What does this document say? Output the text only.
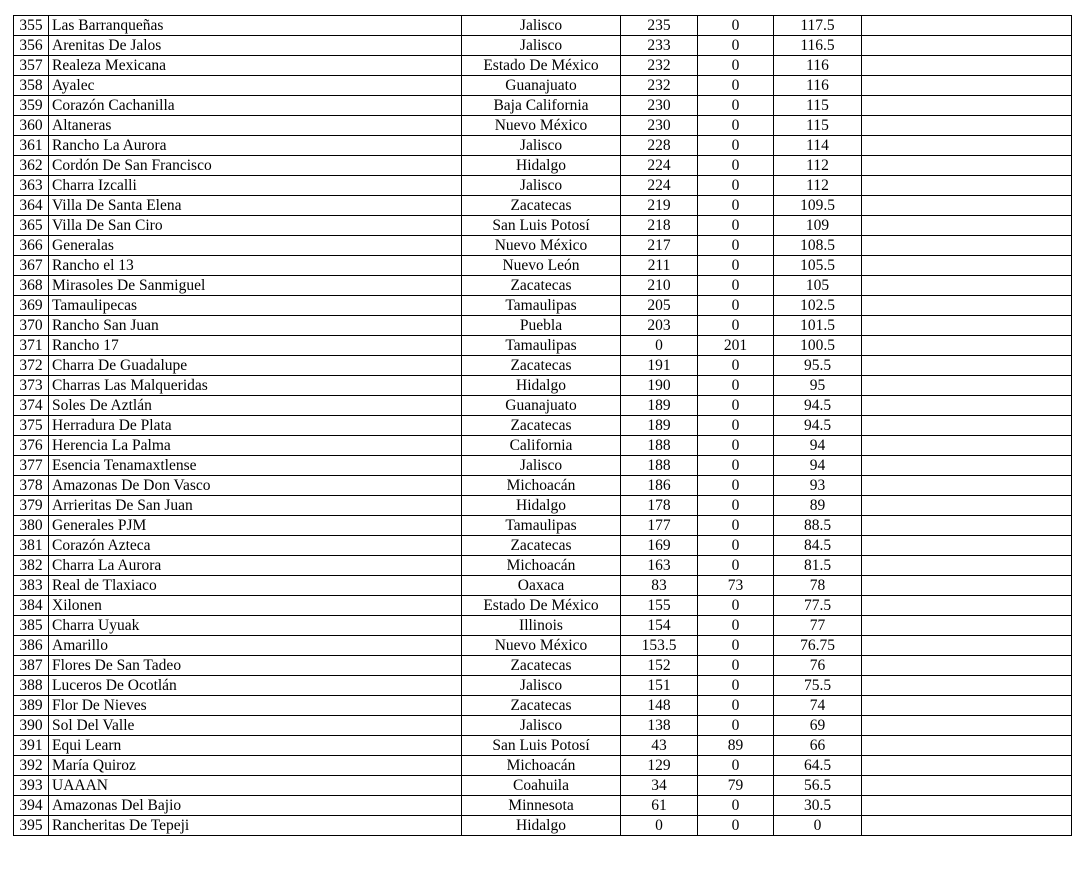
355	Las Barranqueñas	Jalisco	235	0	117.5	
356	Arenitas De Jalos	Jalisco	233	0	116.5	
357	Realeza Mexicana	Estado De México	232	0	116	
358	Ayalec	Guanajuato	232	0	116	
359	Corazón Cachanilla	Baja California	230	0	115	
360	Altaneras	Nuevo México	230	0	115	
361	Rancho La Aurora	Jalisco	228	0	114	
362	Cordón De San Francisco	Hidalgo	224	0	112	
363	Charra Izcalli	Jalisco	224	0	112	
364	Villa De Santa Elena	Zacatecas	219	0	109.5	
365	Villa De San Ciro	San Luis Potosí	218	0	109	
366	Generalas	Nuevo México	217	0	108.5	
367	Rancho el 13	Nuevo León	211	0	105.5	
368	Mirasoles De Sanmiguel	Zacatecas	210	0	105	
369	Tamaulipecas	Tamaulipas	205	0	102.5	
370	Rancho San Juan	Puebla	203	0	101.5	
371	Rancho 17	Tamaulipas	0	201	100.5	
372	Charra De Guadalupe	Zacatecas	191	0	95.5	
373	Charras Las Malqueridas	Hidalgo	190	0	95	
374	Soles De Aztlán	Guanajuato	189	0	94.5	
375	Herradura De Plata	Zacatecas	189	0	94.5	
376	Herencia La Palma	California	188	0	94	
377	Esencia Tenamaxtlense	Jalisco	188	0	94	
378	Amazonas De Don Vasco	Michoacán	186	0	93	
379	Arrieritas De San Juan	Hidalgo	178	0	89	
380	Generales PJM	Tamaulipas	177	0	88.5	
381	Corazón Azteca	Zacatecas	169	0	84.5	
382	Charra La Aurora	Michoacán	163	0	81.5	
383	Real de Tlaxiaco	Oaxaca	83	73	78	
384	Xilonen	Estado De México	155	0	77.5	
385	Charra Uyuak	Illinois	154	0	77	
386	Amarillo	Nuevo México	153.5	0	76.75	
387	Flores De San Tadeo	Zacatecas	152	0	76	
388	Luceros De Ocotlán	Jalisco	151	0	75.5	
389	Flor De Nieves	Zacatecas	148	0	74	
390	Sol Del Valle	Jalisco	138	0	69	
391	Equi Learn	San Luis Potosí	43	89	66	
392	María Quiroz	Michoacán	129	0	64.5	
393	UAAAN	Coahuila	34	79	56.5	
394	Amazonas Del Bajio	Minnesota	61	0	30.5	
395	Rancheritas De Tepeji	Hidalgo	0	0	0	
